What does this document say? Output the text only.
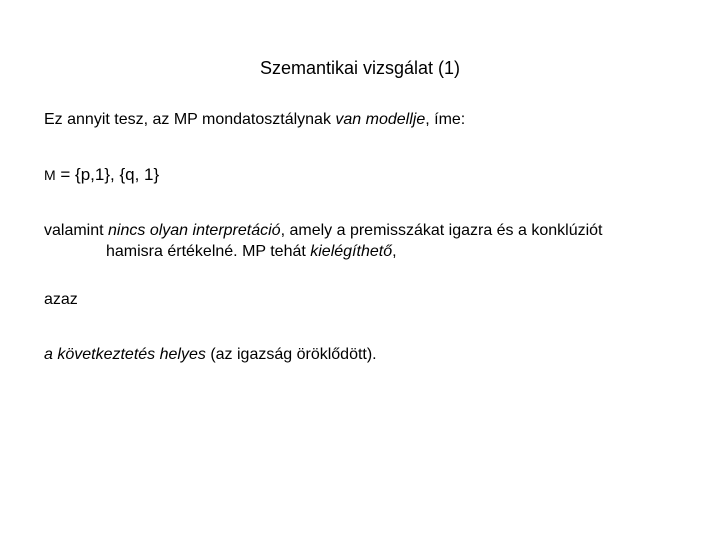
Szemantikai vizsgálat (1)
Ez annyit tesz, az MP mondatosztálynak van modellje, íme:
M = {p,1}, {q, 1}
valamint nincs olyan interpretáció, amely a premisszákat igazra és a konklúziót
hamisra értékelné. MP tehát kielégíthető,
azaz
a következtetés helyes (az igazság öröklődött).
